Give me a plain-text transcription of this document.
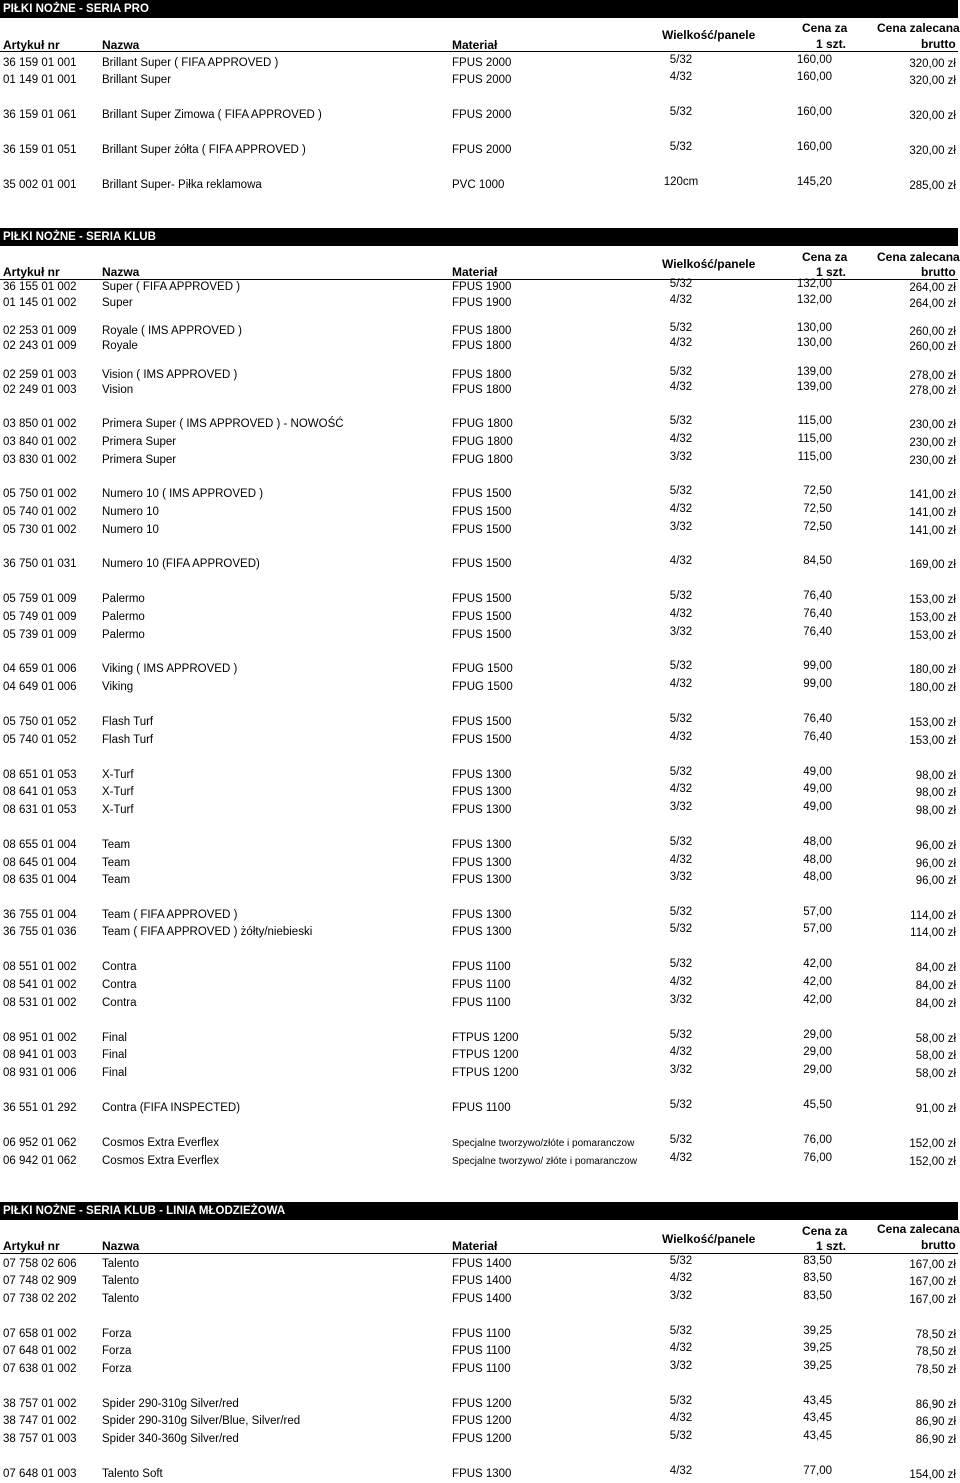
PIŁKI NOŻNE - SERIA PRO
Artykuł nr	Nazwa	Materiał
Wielkość/panele	Cena za
1 szt.
Cena zalecana
brutto
36 159 01 001 Brillant Super ( FIFA APPROVED )	FPUS 2000	5/32	160,00	320,00 zł
01 149 01 001 Brillant Super	FPUS 2000	4/32	160,00	320,00 zł
36 159 01 061 Brillant Super Zimowa ( FIFA APPROVED )	FPUS 2000	5/32	160,00	320,00 zł
36 159 01 051 Brillant Super żółta ( FIFA APPROVED )	FPUS 2000	5/32	160,00	320,00 zł
35 002 01 001 Brillant Super- Piłka reklamowa	PVC 1000	120cm	145,20	285,00 zł
PIŁKI NOŻNE - SERIA KLUB
Artykuł nr	Nazwa	Materiał
Wielkość/panele	Cena za
1 szt.
Cena zalecana
brutto
36 155 01 002 Super ( FIFA APPROVED )	FPUS 1900	5/32	132,00	264,00 zł
01 145 01 002 Super	FPUS 1900	4/32	132,00	264,00 zł
02 253 01 009 Royale ( IMS APPROVED )	FPUS 1800	5/32	130,00	260,00 zł
02 243 01 009 Royale	FPUS 1800	4/32	130,00	260,00 zł
02 259 01 003 Vision ( IMS APPROVED )	FPUS 1800	5/32	139,00	278,00 zł
02 249 01 003 Vision	FPUS 1800	4/32	139,00	278,00 zł
03 850 01 002 Primera Super ( IMS APPROVED ) - NOWOŚĆ	FPUG 1800	5/32	115,00	230,00 zł
03 840 01 002 Primera Super	FPUG 1800	4/32	115,00	230,00 zł
03 830 01 002 Primera Super	FPUG 1800	3/32	115,00	230,00 zł
05 750 01 002 Numero 10 ( IMS APPROVED )	FPUS 1500	5/32	72,50	141,00 zł
05 740 01 002 Numero 10	FPUS 1500	4/32	72,50	141,00 zł
05 730 01 002 Numero 10	FPUS 1500	3/32	72,50	141,00 zł
36 750 01 031 Numero 10 (FIFA APPROVED)	FPUS 1500	4/32	84,50	169,00 zł
05 759 01 009 Palermo	FPUS 1500	5/32	76,40	153,00 zł
05 749 01 009 Palermo	FPUS 1500	4/32	76,40	153,00 zł
05 739 01 009 Palermo	FPUS 1500	3/32	76,40	153,00 zł
04 659 01 006 Viking ( IMS APPROVED )	FPUG 1500	5/32	99,00	180,00 zł
04 649 01 006 Viking	FPUG 1500	4/32	99,00	180,00 zł
05 750 01 052 Flash Turf	FPUS 1500	5/32	76,40	153,00 zł
05 740 01 052 Flash Turf	FPUS 1500	4/32	76,40	153,00 zł
08 651 01 053 X-Turf	FPUS 1300	5/32	49,00	98,00 zł
08 641 01 053 X-Turf	FPUS 1300	4/32	49,00	98,00 zł
08 631 01 053 X-Turf	FPUS 1300	3/32	49,00	98,00 zł
08 655 01 004 Team	FPUS 1300	5/32	48,00	96,00 zł
08 645 01 004 Team	FPUS 1300	4/32	48,00	96,00 zł
08 635 01 004 Team	FPUS 1300	3/32	48,00	96,00 zł
36 755 01 004 Team ( FIFA APPROVED )	FPUS 1300	5/32	57,00	114,00 zł
36 755 01 036 Team ( FIFA APPROVED ) żółty/niebieski	FPUS 1300	5/32	57,00	114,00 zł
08 551 01 002 Contra	FPUS 1100	5/32	42,00	84,00 zł
08 541 01 002 Contra	FPUS 1100	4/32	42,00	84,00 zł
08 531 01 002 Contra	FPUS 1100	3/32	42,00	84,00 zł
08 951 01 002 Final	FTPUS 1200	5/32	29,00	58,00 zł
08 941 01 003 Final	FTPUS 1200	4/32	29,00	58,00 zł
08 931 01 006 Final	FTPUS 1200	3/32	29,00	58,00 zł
36 551 01 292 Contra (FIFA INSPECTED)	FPUS 1100	5/32	45,50	91,00 zł
06 952 01 062 Cosmos Extra Everflex	Specjalne tworzywo/złóte i pomaranczow	5/32	76,00	152,00 zł
06 942 01 062 Cosmos Extra Everflex	Specjalne tworzywo/ złóte i pomaranczow	4/32	76,00	152,00 zł
PIŁKI NOŻNE - SERIA KLUB - LINIA MŁODZIEŻOWA
Artykuł nr	Nazwa	Materiał	Wielkość/panele
Cena za
1 szt.
Cena zalecana
brutto
07 758 02 606 Talento	FPUS 1400	5/32	83,50	167,00 zł
07 748 02 909 Talento	FPUS 1400	4/32	83,50	167,00 zł
07 738 02 202 Talento	FPUS 1400	3/32	83,50	167,00 zł
07 658 01 002 Forza	FPUS 1100	5/32	39,25	78,50 zł
07 648 01 002 Forza	FPUS 1100	4/32	39,25	78,50 zł
07 638 01 002 Forza	FPUS 1100	3/32	39,25	78,50 zł
38 757 01 002 Spider 290-310g Silver/red	FPUS 1200	5/32	43,45	86,90 zł
38 747 01 002 Spider 290-310g Silver/Blue, Silver/red	FPUS 1200	4/32	43,45	86,90 zł
38 757 01 003 Spider 340-360g Silver/red	FPUS 1200	5/32	43,45	86,90 zł
07 648 01 003 Talento Soft	FPUS 1300	4/32	77,00	154,00 zł
